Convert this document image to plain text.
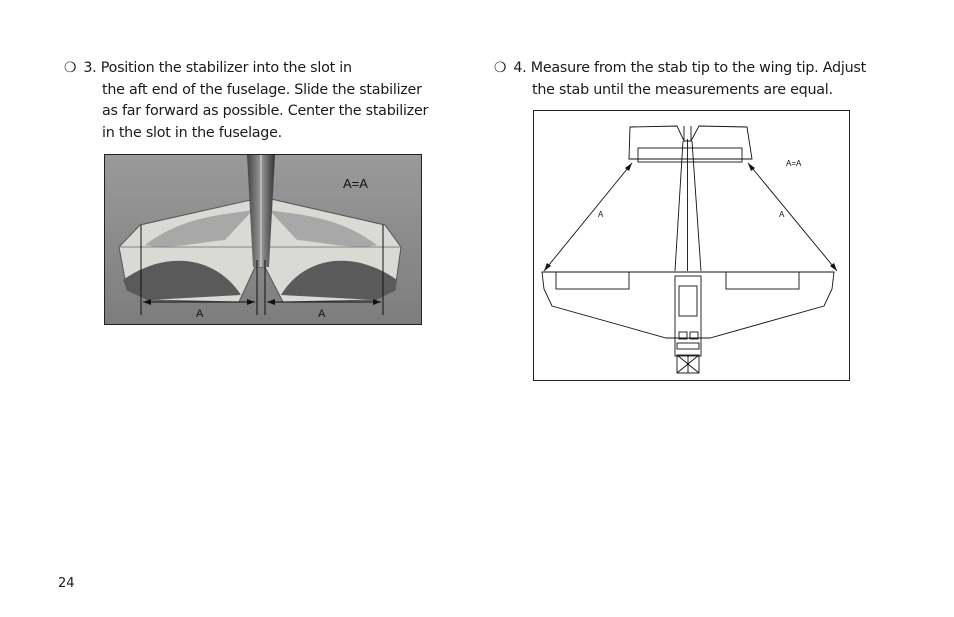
❍ 3. Position the stabilizer into the slot in
the aft end of the fuselage. Slide the stabilizer
as far forward as possible. Center the stabilizer
in the slot in the fuselage.
❍ 4. Measure from the stab tip to the wing tip. Adjust
the stab until the measurements are equal.
A=A
A	A
A=A
A	A
24
